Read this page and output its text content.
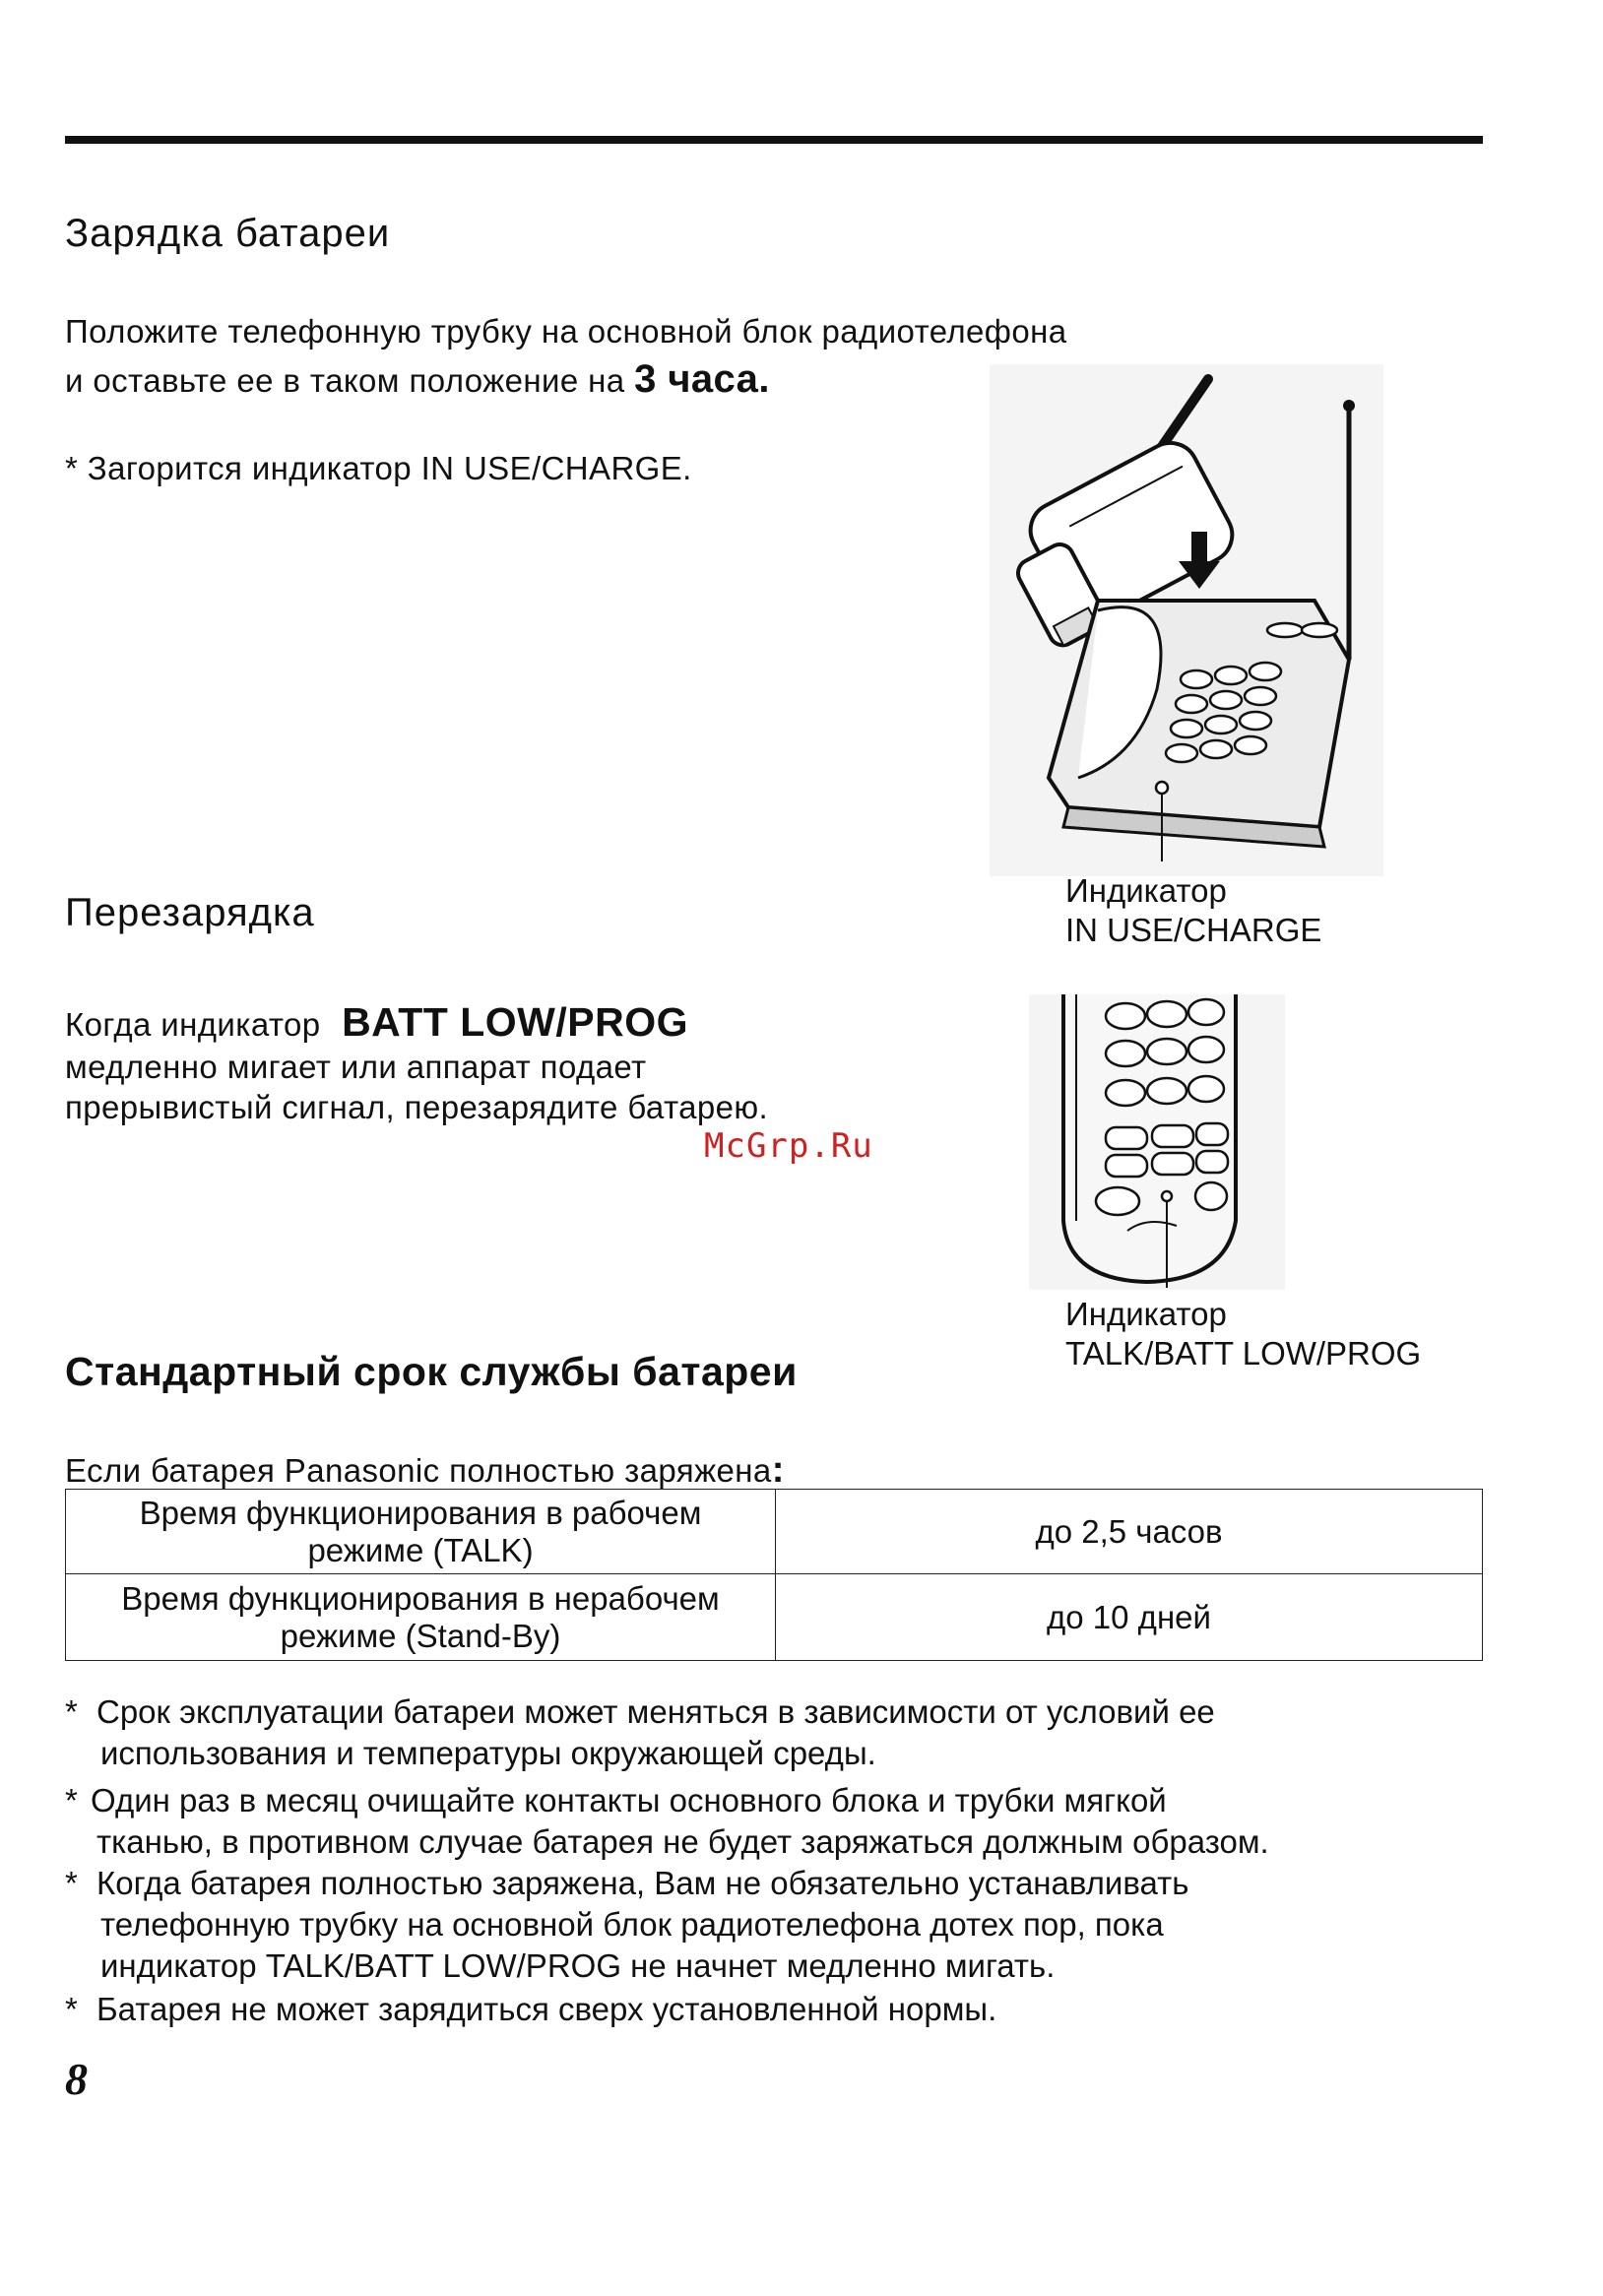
Зарядка батареи
Положите телефонную трубку на основной блок радиотелефона
и оставьте ее в таком положение на 3 часа.
* Загорится индикатор IN USE/CHARGE.
Индикатор
IN USE/CHARGE
Перезарядка
Когда индикатор BATT LOW/PROG
медленно мигает или аппарат подает
прерывистый сигнал, перезарядите батарею.
McGrp.Ru
Индикатор
TALK/BATT LOW/PROG
Стандартный срок службы батареи
Если батарея Panasonic полностью заряжена:
Время функционирования в рабочем
режиме (TALK)	до 2,5 часов

Время функционирования в нерабочем
режиме (Stand-By)	до 10 дней
* Срок эксплуатации батареи может меняться в зависимости от условий ее
использования и температуры окружающей среды.
* Один раз в месяц очищайте контакты основного блока и трубки мягкой
тканью, в противном случае батарея не будет заряжаться должным образом.
* Когда батарея полностью заряжена, Вам не обязательно устанавливать
телефонную трубку на основной блок радиотелефона дотех пор, пока
индикатор TALK/BATT LOW/PROG не начнет медленно мигать.
* Батарея не может зарядиться сверх установленной нормы.
8
